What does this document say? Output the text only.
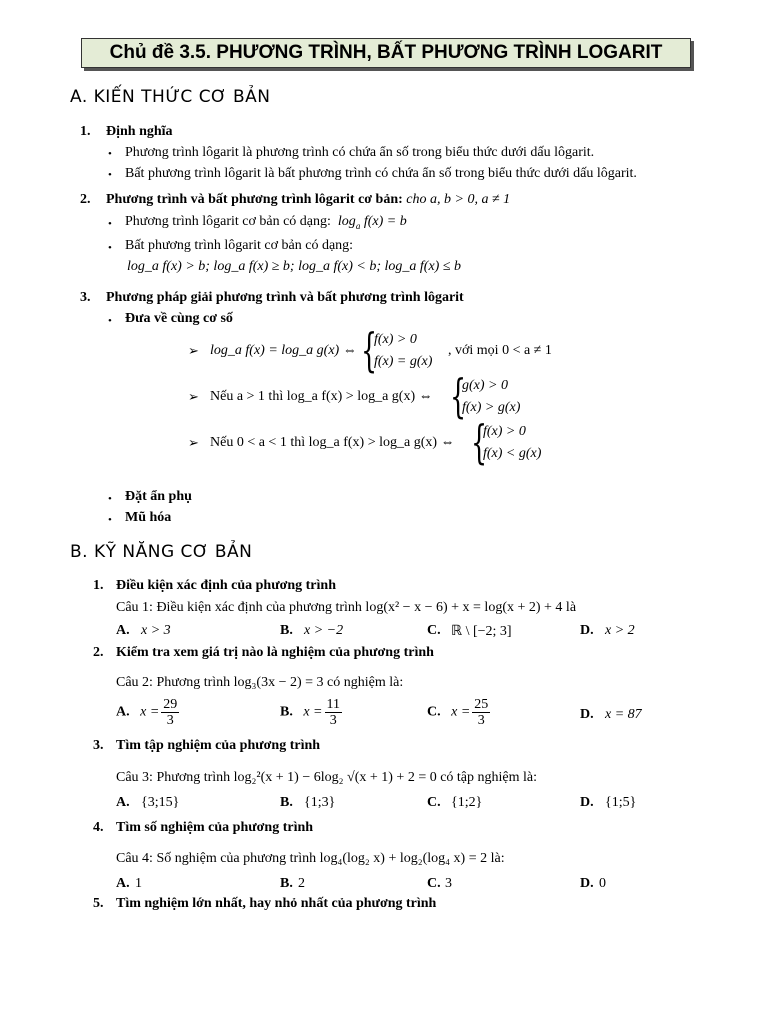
Chủ đề 3.5. PHƯƠNG TRÌNH, BẤT PHƯƠNG TRÌNH LOGARIT
A. KIẾN THỨC CƠ BẢN
1. Định nghĩa
• Phương trình lôgarit là phương trình có chứa ẩn số trong biểu thức dưới dấu lôgarit.
• Bất phương trình lôgarit là bất phương trình có chứa ẩn số trong biểu thức dưới dấu lôgarit.
2. Phương trình và bất phương trình lôgarit cơ bản: cho a, b > 0, a ≠ 1
• Phương trình lôgarit cơ bản có dạng: $\log_a f(x) = b$
• Bất phương trình lôgarit cơ bản có dạng:
log_a f(x) > b; log_a f(x) ≥ b; log_a f(x) < b; log_a f(x) ≤ b
3. Phương pháp giải phương trình và bất phương trình lôgarit
• Đưa về cùng cơ số
➢ log_a f(x) = log_a g(x) ⇔ {
f(x) > 0
f(x) = g(x)
, với mọi 0 < a ≠ 1
➢ Nếu a > 1 thì log_a f(x) > log_a g(x) ⇔ {
g(x) > 0
f(x) > g(x)
➢ Nếu 0 < a < 1 thì log_a f(x) > log_a g(x) ⇔ {
f(x) > 0
f(x) < g(x)
• Đặt ẩn phụ
• Mũ hóa
B. KỸ NĂNG CƠ BẢN
1. Điều kiện xác định của phương trình
Câu 1: Điều kiện xác định của phương trình log(x² − x − 6) + x = log(x + 2) + 4 là
A. x > 3	B. x > −2	C. ℝ \ [−2; 3]	D. x > 2
2. Kiểm tra xem giá trị nào là nghiệm của phương trình
Câu 2: Phương trình log₃(3x − 2) = 3 có nghiệm là:
A. $x = \frac{29}{3}$	B. $x = \frac{11}{3}$	C. $x = \frac{25}{3}$	D. x = 87
3. Tìm tập nghiệm của phương trình
Câu 3: Phương trình log₂²(x + 1) − 6log₂ √(x + 1) + 2 = 0 có tập nghiệm là:
A. {3;15}	B. {1;3}	C. {1;2}	D. {1;5}
4. Tìm số nghiệm của phương trình
Câu 4: Số nghiệm của phương trình log₄(log₂ x) + log₂(log₄ x) = 2 là:
A. 1	B. 2	C. 3	D. 0
5. Tìm nghiệm lớn nhất, hay nhỏ nhất của phương trình
